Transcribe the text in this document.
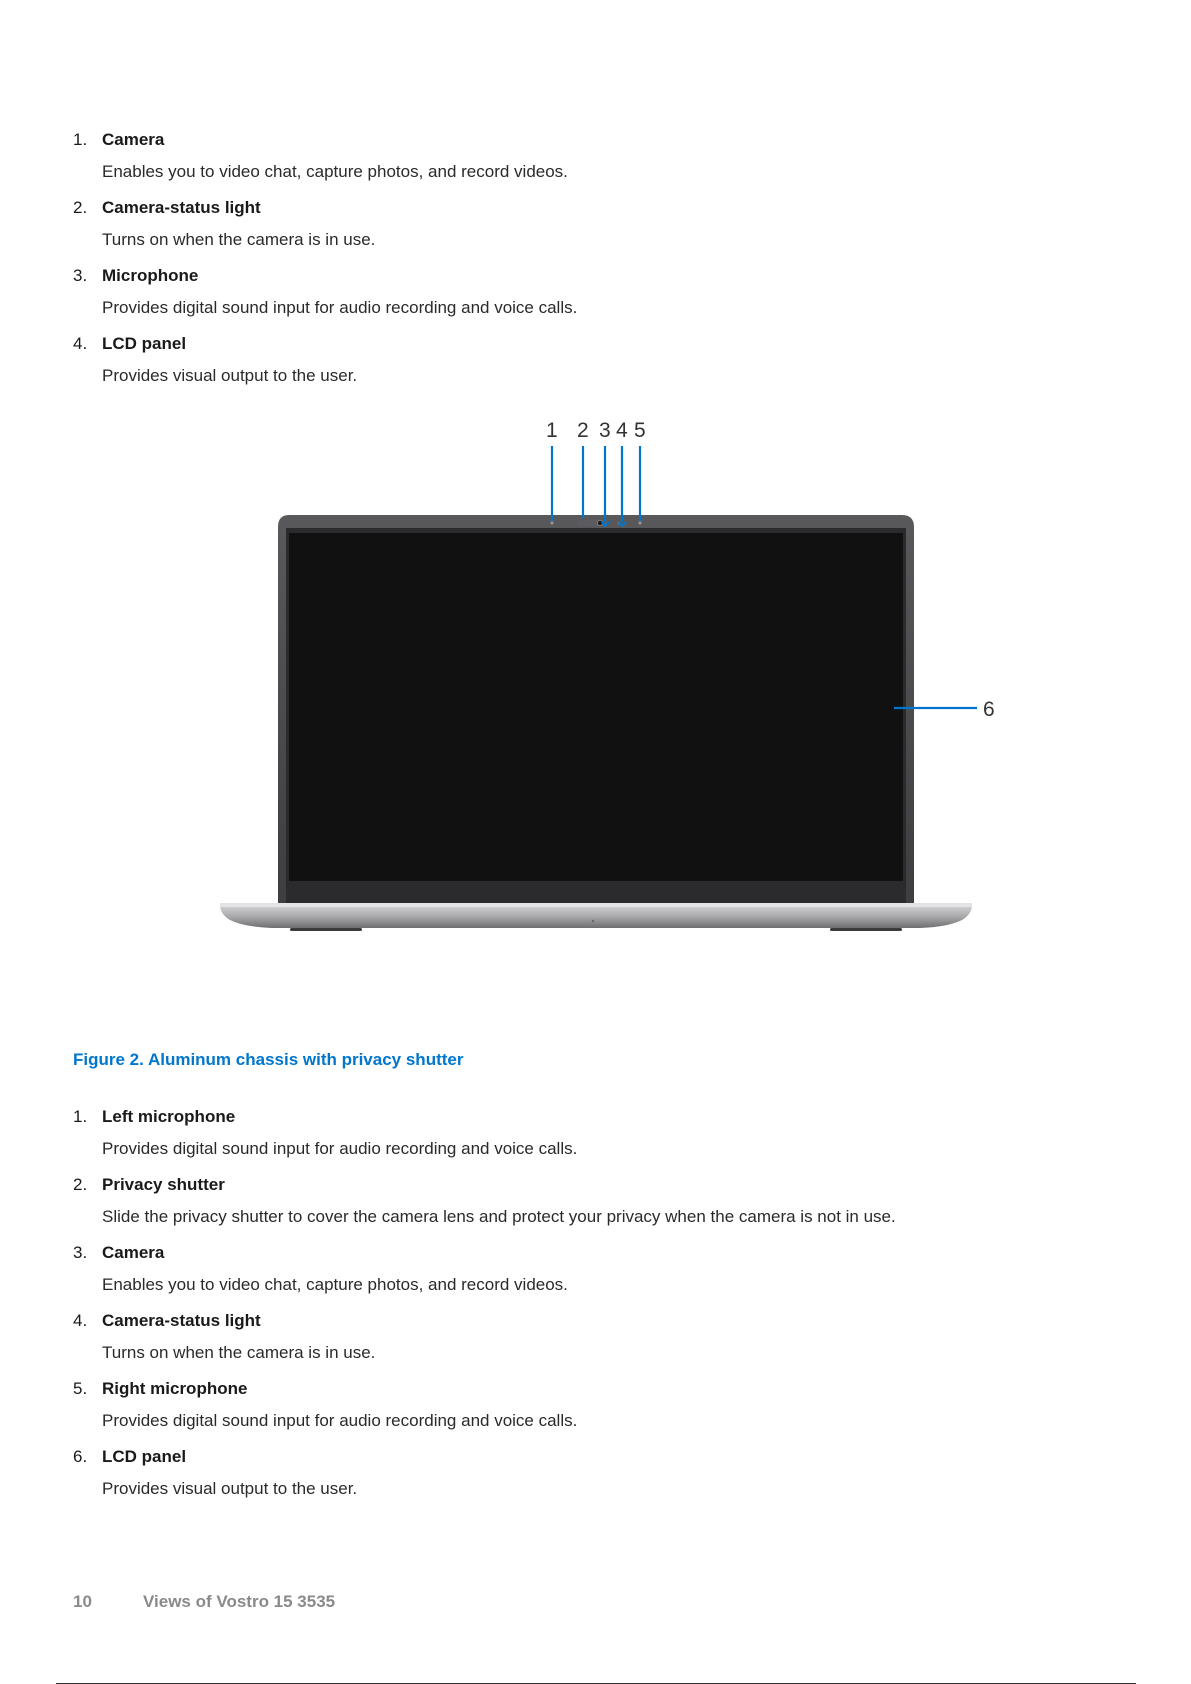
1. Camera
Enables you to video chat, capture photos, and record videos.
2. Camera-status light
Turns on when the camera is in use.
3. Microphone
Provides digital sound input for audio recording and voice calls.
4. LCD panel
Provides visual output to the user.
1 2 3 4 5
6
Figure 2. Aluminum chassis with privacy shutter
1. Left microphone
Provides digital sound input for audio recording and voice calls.
2. Privacy shutter
Slide the privacy shutter to cover the camera lens and protect your privacy when the camera is not in use.
3. Camera
Enables you to video chat, capture photos, and record videos.
4. Camera-status light
Turns on when the camera is in use.
5. Right microphone
Provides digital sound input for audio recording and voice calls.
6. LCD panel
Provides visual output to the user.
10	Views of Vostro 15 3535
